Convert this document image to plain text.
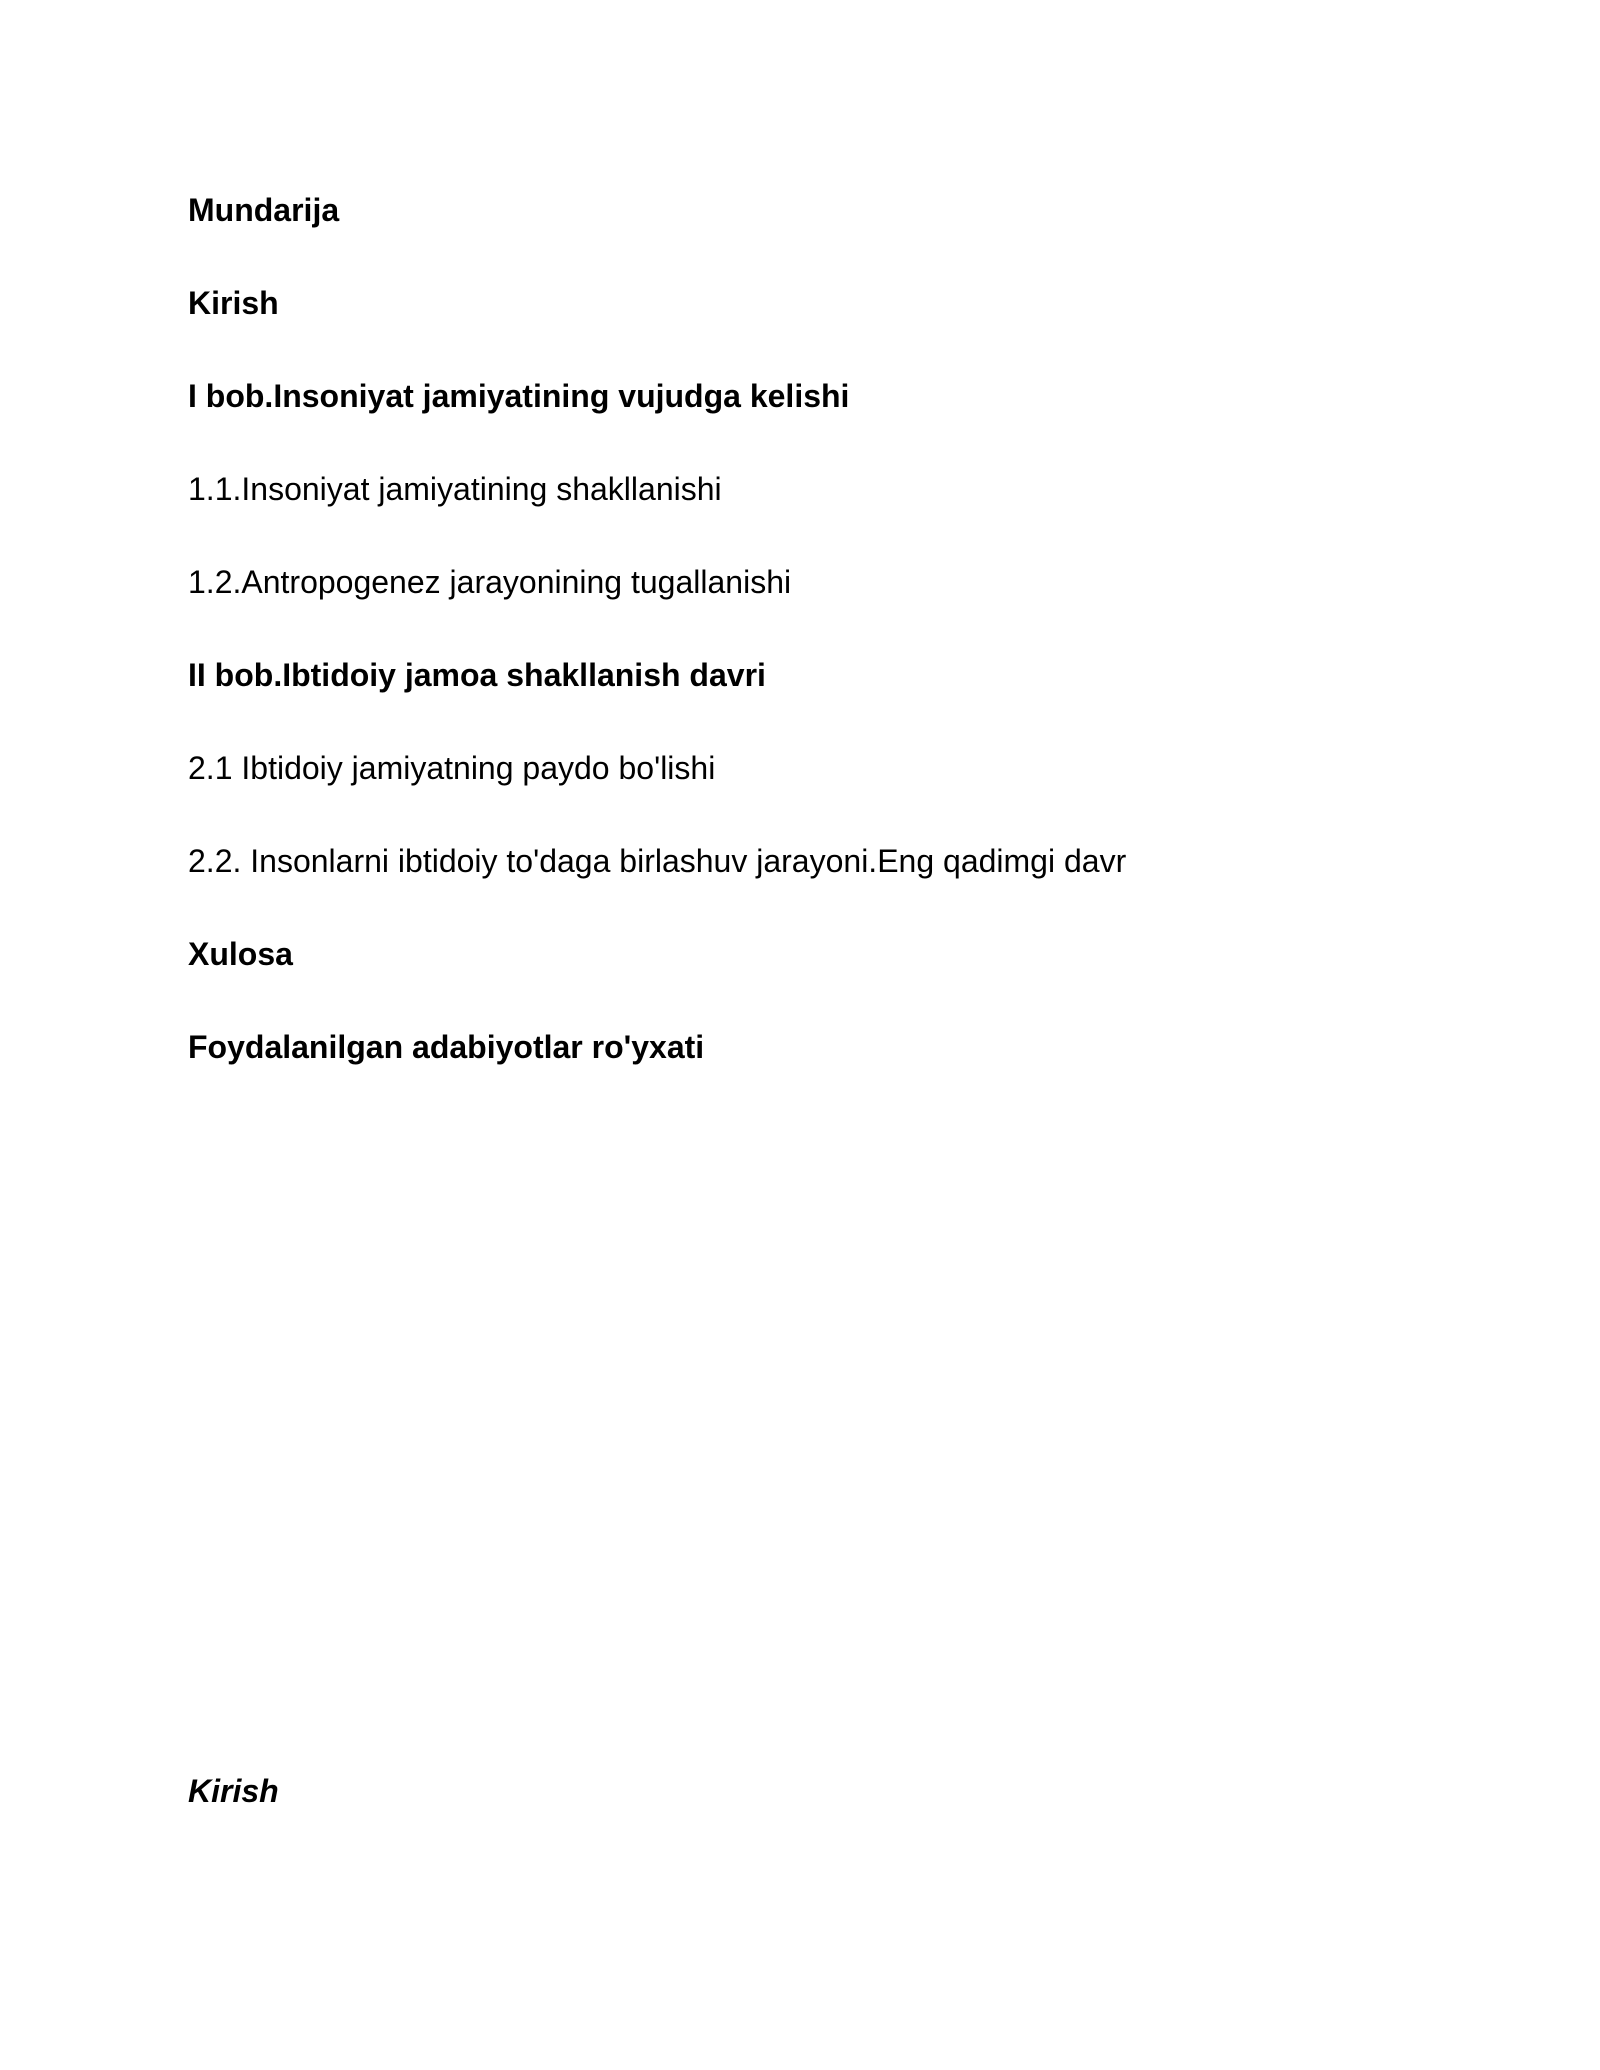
Mundarija

Kirish

I bob.Insoniyat jamiyatining vujudga kelishi

1.1.Insoniyat jamiyatining shakllanishi

1.2.Antropogenez jarayonining tugallanishi

II bob.Ibtidoiy jamoa shakllanish davri

2.1 Ibtidoiy jamiyatning paydo bo'lishi

2.2. Insonlarni ibtidoiy to'daga birlashuv jarayoni.Eng qadimgi davr

Xulosa

Foydalanilgan adabiyotlar ro'yxati

Kirish
